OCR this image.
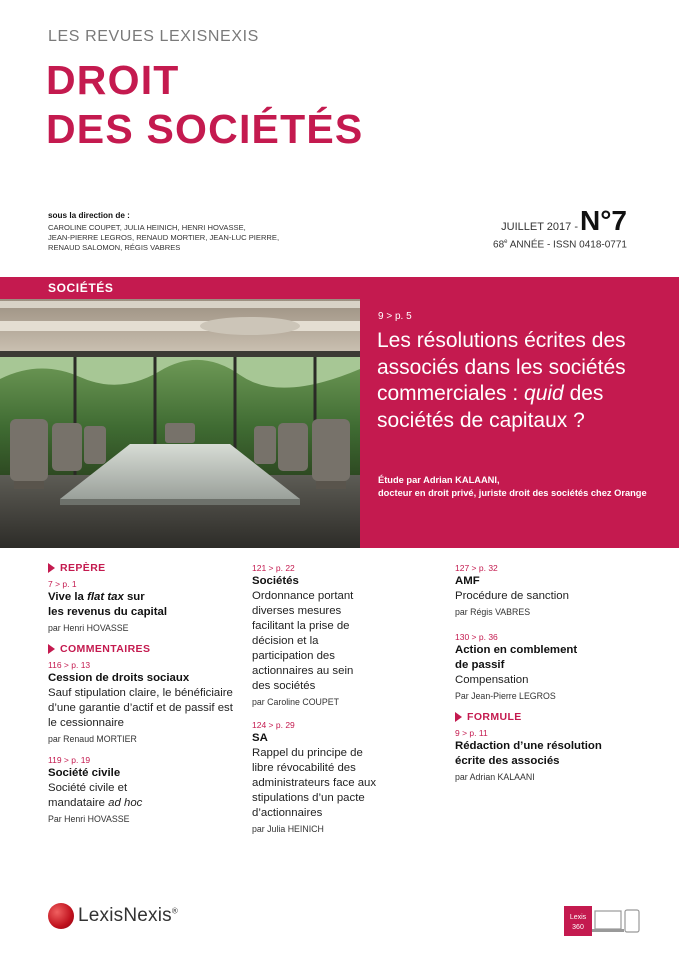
LES REVUES LEXISNEXIS
DROIT
DES SOCIÉTÉS
sous la direction de :
CAROLINE COUPET, JULIA HEINICH, HENRI HOVASSE,
JEAN-PIERRE LEGROS, RENAUD MORTIER, JEAN-LUC PIERRE,
RENAUD SALOMON, RÉGIS VABRES
JUILLET 2017 - N°7
68e ANNÉE - ISSN 0418-0771
SOCIÉTÉS
9 > p. 5
Les résolutions écrites des associés dans les sociétés commerciales : quid des sociétés de capitaux ?
Étude par Adrian KALAANI,
docteur en droit privé, juriste droit des sociétés chez Orange
REPÈRE
7 > p. 1
Vive la flat tax sur
les revenus du capital
par Henri HOVASSE
COMMENTAIRES
116 > p. 13
Cession de droits sociaux
Sauf stipulation claire, le bénéficiaire d’une garantie d’actif et de passif est le cessionnaire
par Renaud MORTIER
119 > p. 19
Société civile
Société civile et
mandataire ad hoc
Par Henri HOVASSE
121 > p. 22
Sociétés
Ordonnance portant diverses mesures facilitant la prise de décision et la participation des actionnaires au sein des sociétés
par Caroline COUPET
124 > p. 29
SA
Rappel du principe de libre révocabilité des administrateurs face aux stipulations d’un pacte d’actionnaires
par Julia HEINICH
127 > p. 32
AMF
Procédure de sanction
par Régis VABRES
130 > p. 36
Action en comblement de passif
Compensation
Par Jean-Pierre LEGROS
FORMULE
9 > p. 11
Rédaction d’une résolution écrite des associés
par Adrian KALAANI
LexisNexis®
Lexis
360
